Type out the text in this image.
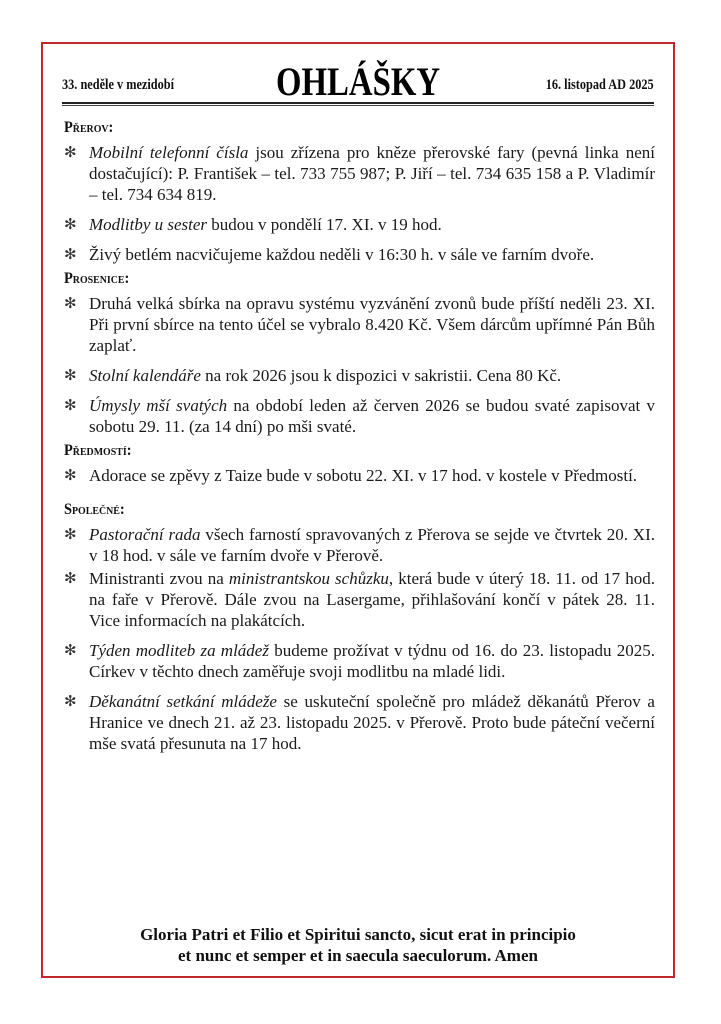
33. neděle v mezidobí	OHLÁŠKY	16. listopad AD 2025
Přerov:
✻ Mobilní telefonní čísla jsou zřízena pro kněze přerovské fary (pevná linka není dostačující): P. František – tel. 733 755 987; P. Jiří – tel. 734 635 158 a P. Vladimír – tel. 734 634 819.
✻ Modlitby u sester budou v pondělí 17. XI. v 19 hod.
✻ Živý betlém nacvičujeme každou neděli v 16:30 h. v sále ve farním dvoře.
Prosenice:
✻ Druhá velká sbírka na opravu systému vyzvánění zvonů bude příští neděli 23. XI. Při první sbírce na tento účel se vybralo 8.420 Kč. Všem dárcům upřímné Pán Bůh zaplať.
✻ Stolní kalendáře na rok 2026 jsou k dispozici v sakristii. Cena 80 Kč.
✻ Úmysly mší svatých na období leden až červen 2026 se budou svaté zapisovat v sobotu 29. 11. (za 14 dní) po mši svaté.
Předmostí:
✻ Adorace se zpěvy z Taize bude v sobotu 22. XI. v 17 hod. v kostele v Předmostí.
Společné:
✻ Pastorační rada všech farností spravovaných z Přerova se sejde ve čtvrtek 20. XI. v 18 hod. v sále ve farním dvoře v Přerově.
✻ Ministranti zvou na ministrantskou schůzku, která bude v úterý 18. 11. od 17 hod. na faře v Přerově. Dále zvou na Lasergame, přihlašování končí v pátek 28. 11. Vice informacích na plakátcích.
✻ Týden modliteb za mládež budeme prožívat v týdnu od 16. do 23. listopadu 2025. Církev v těchto dnech zaměřuje svoji modlitbu na mladé lidi.
✻ Děkanátní setkání mládeže se uskuteční společně pro mládež děkanátů Přerov a Hranice ve dnech 21. až 23. listopadu 2025. v Přerově. Proto bude páteční večerní mše svatá přesunuta na 17 hod.
Gloria Patri et Filio et Spiritui sancto, sicut erat in principio
et nunc et semper et in saecula saeculorum. Amen
